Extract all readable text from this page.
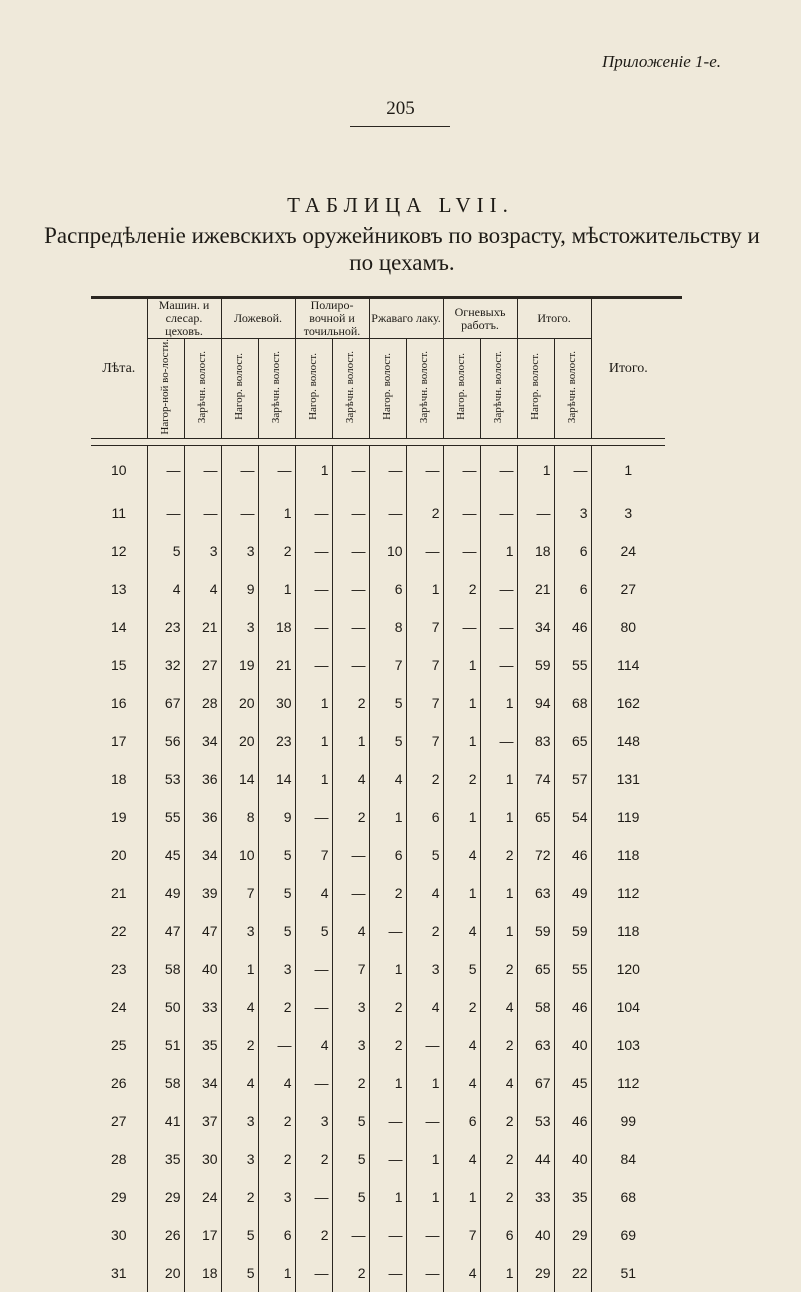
Приложеніе 1-е.
205
ТАБЛИЦА LVII.
Распредѣленіе ижевскихъ оружейниковъ по возрасту, мѣстожительству и по цехамъ.
Лѣта.	Машин. и слесар. цеховъ.		Ложевой.		Полиро-вочной и точильной.		Ржаваго лаку.		Огневыхъ работъ.		Итого.		Итого.
	Нагор-ной во-лости.	Зарѣчн. волост.	Нагор. волост.	Зарѣчн. волост.	Нагор. волост.	Зарѣчн. волост.	Нагор. волост.	Зарѣчн. волост.	Нагор. волост.	Зарѣчн. волост.	Нагор. волост.	Зарѣчн. волост.	

10	—	—	—	—	1	—	—	—	—	—	1	—	1
11	—	—	—	1	—	—	—	2	—	—	—	3	3
12	5	3	3	2	—	—	10	—	—	1	18	6	24
13	4	4	9	1	—	—	6	1	2	—	21	6	27
14	23	21	3	18	—	—	8	7	—	—	34	46	80
15	32	27	19	21	—	—	7	7	1	—	59	55	114
16	67	28	20	30	1	2	5	7	1	1	94	68	162
17	56	34	20	23	1	1	5	7	1	—	83	65	148
18	53	36	14	14	1	4	4	2	2	1	74	57	131
19	55	36	8	9	—	2	1	6	1	1	65	54	119
20	45	34	10	5	7	—	6	5	4	2	72	46	118
21	49	39	7	5	4	—	2	4	1	1	63	49	112
22	47	47	3	5	5	4	—	2	4	1	59	59	118
23	58	40	1	3	—	7	1	3	5	2	65	55	120
24	50	33	4	2	—	3	2	4	2	4	58	46	104
25	51	35	2	—	4	3	2	—	4	2	63	40	103
26	58	34	4	4	—	2	1	1	4	4	67	45	112
27	41	37	3	2	3	5	—	—	6	2	53	46	99
28	35	30	3	2	2	5	—	1	4	2	44	40	84
29	29	24	2	3	—	5	1	1	1	2	33	35	68
30	26	17	5	6	2	—	—	—	7	6	40	29	69
31	20	18	5	1	—	2	—	—	4	1	29	22	51
